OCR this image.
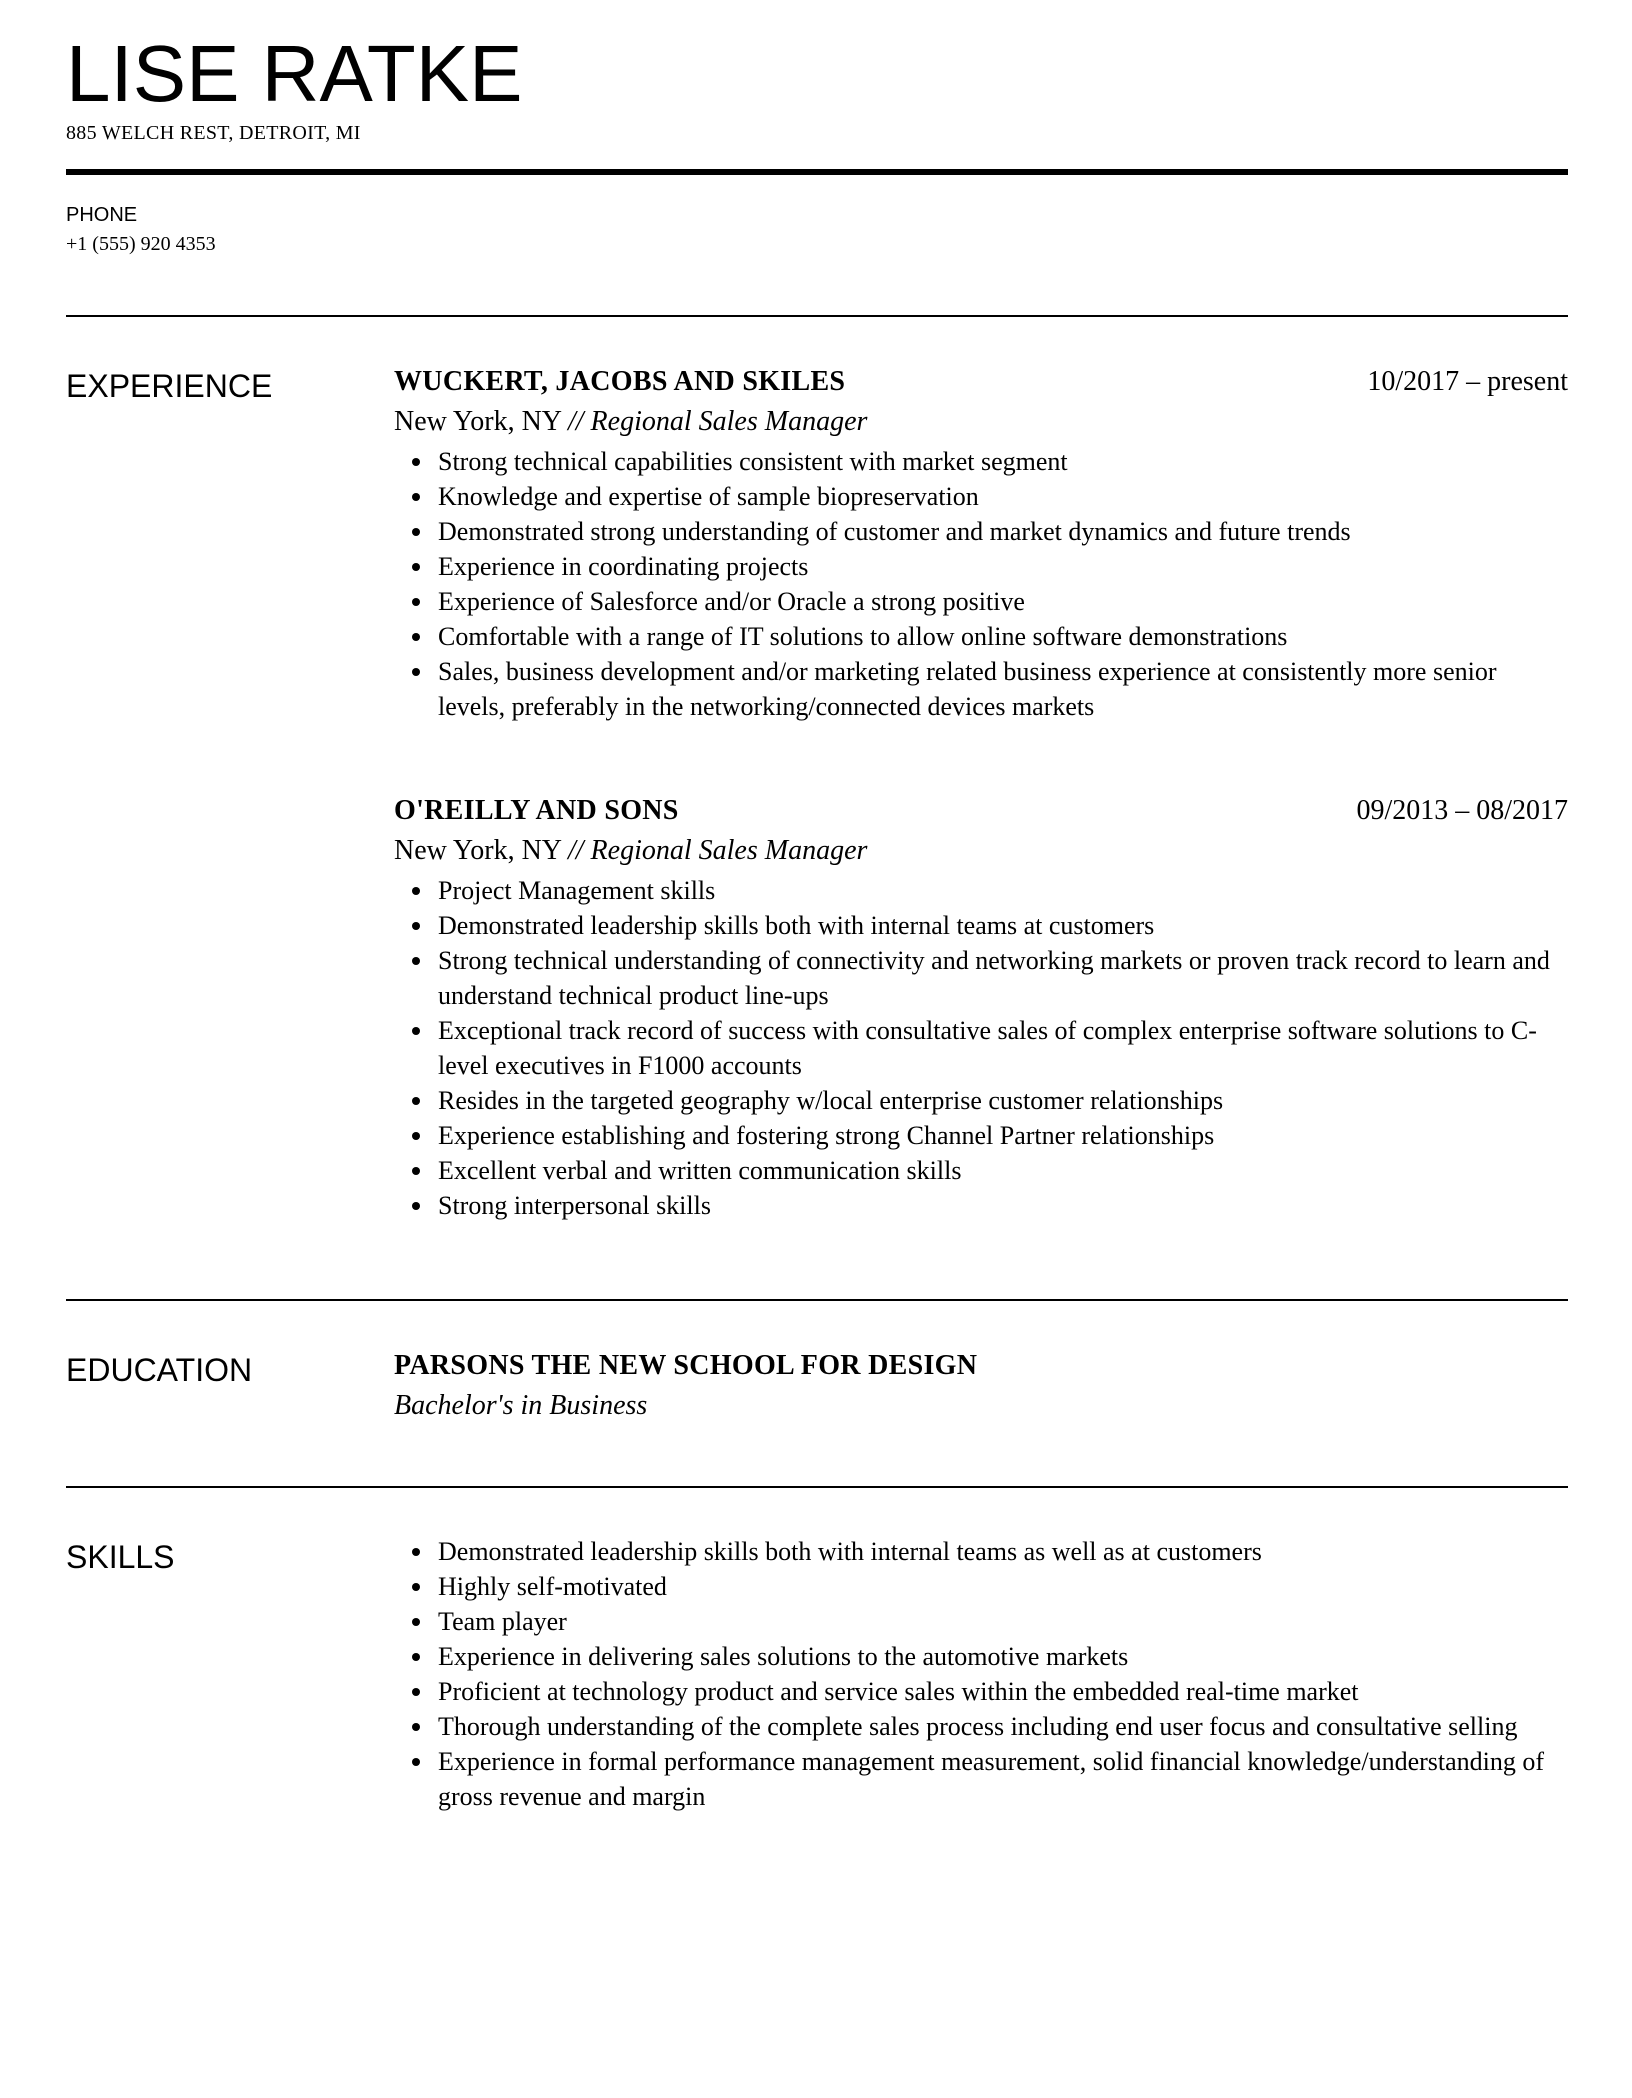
LISE RATKE
885 WELCH REST, DETROIT, MI
PHONE
+1 (555) 920 4353
EXPERIENCE	WUCKERT, JACOBS AND SKILES	10/2017 – present
New York, NY // Regional Sales Manager
Strong technical capabilities consistent with market segment
Knowledge and expertise of sample biopreservation
Demonstrated strong understanding of customer and market dynamics and future trends
Experience in coordinating projects
Experience of Salesforce and/or Oracle a strong positive
Comfortable with a range of IT solutions to allow online software demonstrations
Sales, business development and/or marketing related business experience at consistently more senior levels, preferably in the networking/connected devices markets
O'REILLY AND SONS	09/2013 – 08/2017
New York, NY // Regional Sales Manager
Project Management skills
Demonstrated leadership skills both with internal teams at customers
Strong technical understanding of connectivity and networking markets or proven track record to learn and understand technical product line-ups
Exceptional track record of success with consultative sales of complex enterprise software solutions to C-level executives in F1000 accounts
Resides in the targeted geography w/local enterprise customer relationships
Experience establishing and fostering strong Channel Partner relationships
Excellent verbal and written communication skills
Strong interpersonal skills
EDUCATION	PARSONS THE NEW SCHOOL FOR DESIGN
Bachelor's in Business
SKILLS	Demonstrated leadership skills both with internal teams as well as at customers
Highly self-motivated
Team player
Experience in delivering sales solutions to the automotive markets
Proficient at technology product and service sales within the embedded real-time market
Thorough understanding of the complete sales process including end user focus and consultative selling
Experience in formal performance management measurement, solid financial knowledge/understanding of gross revenue and margin
